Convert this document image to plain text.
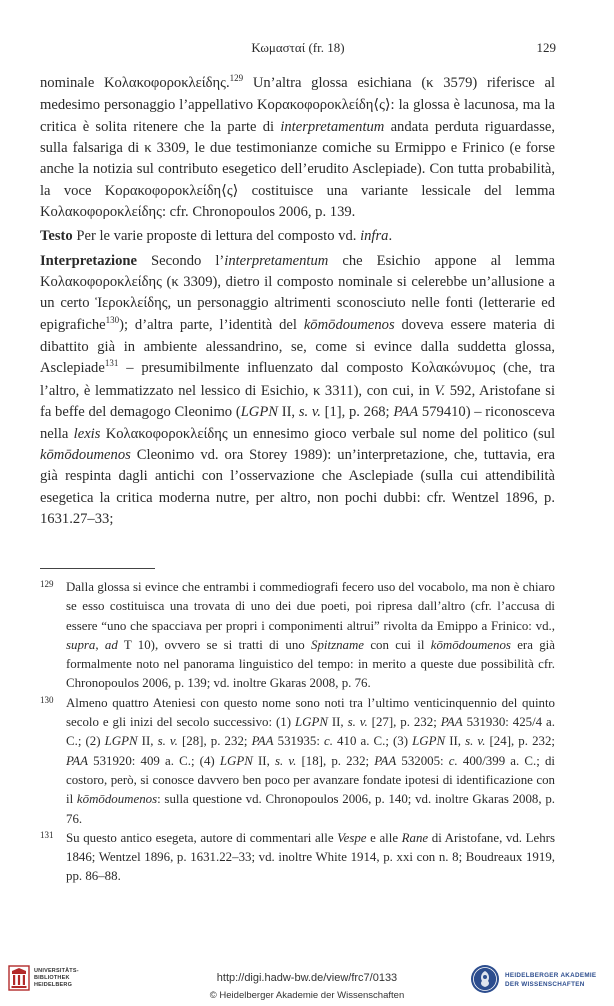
Κωμασταί (fr. 18)	129

nominale Κολακοφορoκλείδης.$^{129}$ Un’altra glossa esichiana (κ 3579) riferisce al medesimo personaggio l’appellativo Κορακοφορoκλείδη⟨ς⟩: la glossa è lacunosa, ma la critica è solita ritenere che la parte di interpretamentum andata perduta riguardasse, sulla falsariga di κ 3309, le due testimonianze comiche su Ermippo e Frinico (e forse anche la notizia sul contributo esegetico dell’erudito Asclepiade). Con tutta probabilità, la voce Κορακοφορoκλείδη⟨ς⟩ costituisce una variante lessicale del lemma Κολακοφορoκλείδης: cfr. Chronopoulos 2006, p. 139.

Testo Per le varie proposte di lettura del composto vd. infra.

Interpretazione Secondo l’interpretamentum che Esichio appone al lemma Κολακοφορoκλείδης (κ 3309), dietro il composto nominale si celerebbe un’allusione a un certo Ἱεροκλείδης, un personaggio altrimenti sconosciuto nelle fonti (letterarie ed epigrafiche$^{130}$); d’altra parte, l’identità del kōmōdoumenos doveva essere materia di dibattito già in ambiente alessandrino, se, come si evince dalla suddetta glossa, Asclepiade$^{131}$ – presumibilmente influenzato dal composto Κολακώνυμος (che, tra l’altro, è lemmatizzato nel lessico di Esichio, κ 3311), con cui, in V. 592, Aristofane si fa beffe del demagogo Cleonimo (LGPN II, s. v. [1], p. 268; PAA 579410) – riconosceva nella lexis Κολακοφορoκλείδης un ennesimo gioco verbale sul nome del politico (sul kōmōdoumenos Cleonimo vd. ora Storey 1989): un’interpretazione, che, tuttavia, era già respinta dagli antichi con l’osservazione che Asclepiade (sulla cui attendibilità esegetica la critica moderna nutre, per altro, non pochi dubbi: cfr. Wentzel 1896, p. 1631.27–33;

129 Dalla glossa si evince che entrambi i commediografi fecero uso del vocabolo, ma non è chiaro se esso costituisca una trovata di uno dei due poeti, poi ripresa dall’altro (cfr. l’accusa di essere “uno che spacciava per propri i componimenti altrui” rivolta da Emippo a Frinico: vd., supra, ad T 10), ovvero se si tratti di uno Spitzname con cui il kōmōdoumenos era già formalmente noto nel panorama linguistico del tempo: in merito a queste due possibilità cfr. Chronopoulos 2006, p. 139; vd. inoltre Gkaras 2008, p. 76.
130 Almeno quattro Ateniesi con questo nome sono noti tra l’ultimo venticinquennio del quinto secolo e gli inizi del secolo successivo: (1) LGPN II, s. v. [27], p. 232; PAA 531930: 425/4 a. C.; (2) LGPN II, s. v. [28], p. 232; PAA 531935: c. 410 a. C.; (3) LGPN II, s. v. [24], p. 232; PAA 531920: 409 a. C.; (4) LGPN II, s. v. [18], p. 232; PAA 532005: c. 400/399 a. C.; di costoro, però, si conosce davvero ben poco per avanzare fondate ipotesi di identificazione con il kōmōdoumenos: sulla questione vd. Chronopoulos 2006, p. 140; vd. inoltre Gkaras 2008, p. 76.
131 Su questo antico esegeta, autore di commentari alle Vespe e alle Rane di Aristofane, vd. Lehrs 1846; Wentzel 1896, p. 1631.22–33; vd. inoltre White 1914, p. xxi con n. 8; Boudreaux 1919, pp. 86–88.
UNIVERSITÄTS-
BIBLIOTHEK
HEIDELBERG
http://digi.hadw-bw.de/view/frc7/0133
© Heidelberger Akademie der Wissenschaften
HEIDELBERGER AKADEMIE
DER WISSENSCHAFTEN
